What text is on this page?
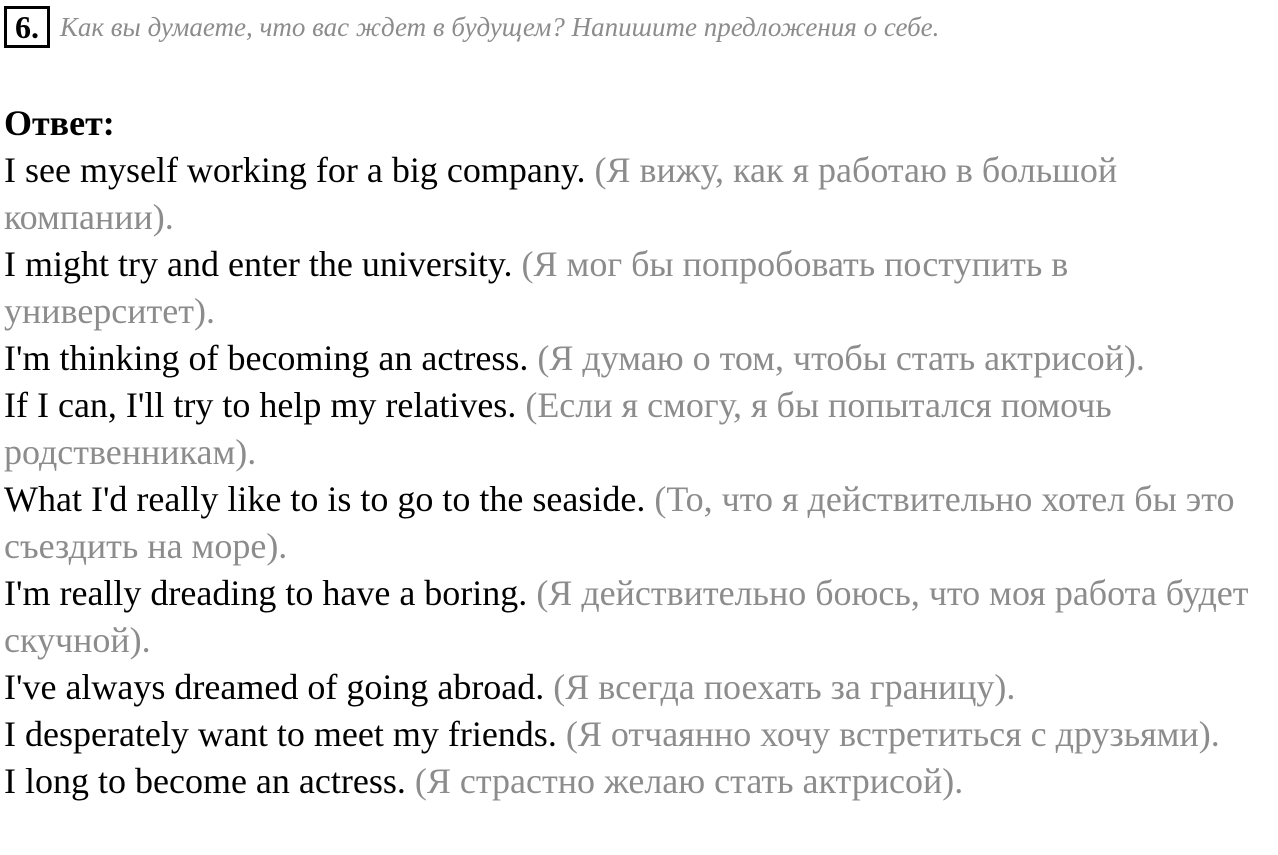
6. Как вы думаете, что вас ждет в будущем? Напишите предложения о себе.

Ответ:

I see myself working for a big company. (Я вижу, как я работаю в большой компании).

I might try and enter the university. (Я мог бы попробовать поступить в университет).

I'm thinking of becoming an actress. (Я думаю о том, чтобы стать актрисой).

If I can, I'll try to help my relatives. (Если я смогу, я бы попытался помочь родственникам).

What I'd really like to is to go to the seaside. (То, что я действительно хотел бы это съездить на море).

I'm really dreading to have a boring. (Я действительно боюсь, что моя работа будет скучной).

I've always dreamed of going abroad. (Я всегда поехать за границу).

I desperately want to meet my friends. (Я отчаянно хочу встретиться с друзьями).

I long to become an actress. (Я страстно желаю стать актрисой).
